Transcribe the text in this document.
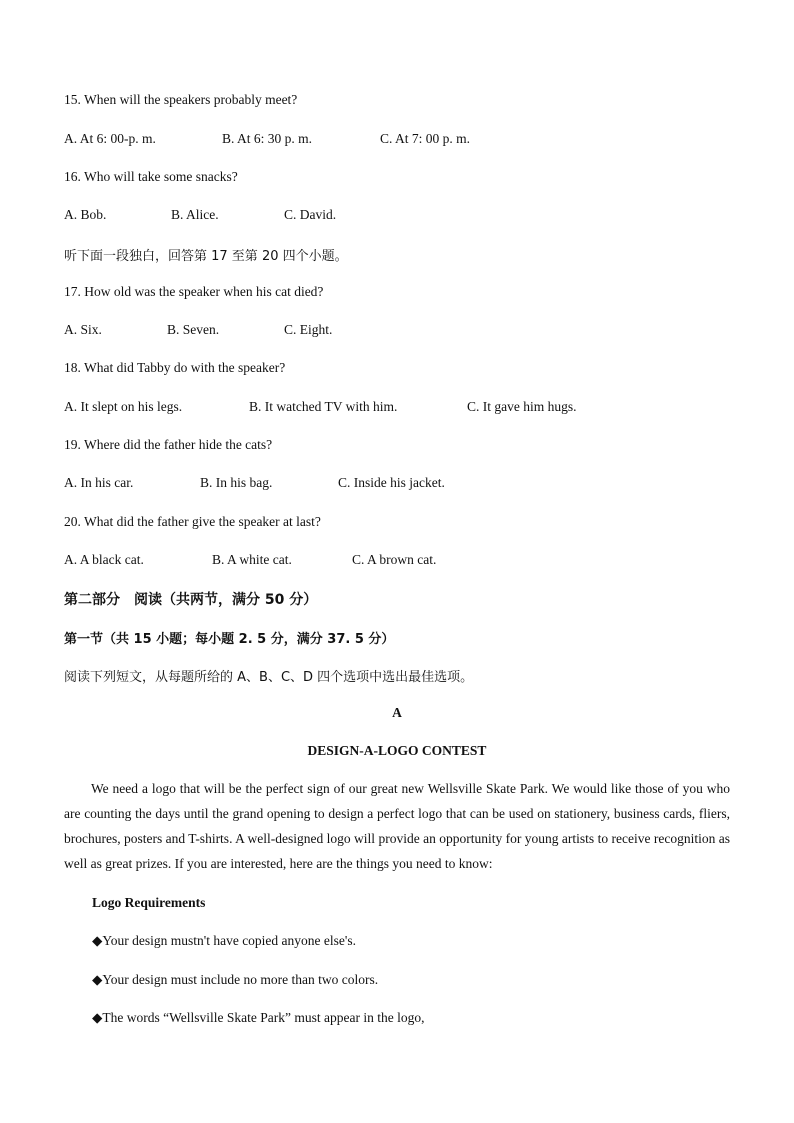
15. When will the speakers probably meet?
A. At 6: 00-p. m.	B. At 6: 30 p. m.	C. At 7: 00 p. m.
16. Who will take some snacks?
A. Bob.	B. Alice.	C. David.
听下面一段独白，回答第 17 至第 20 四个小题。
17. How old was the speaker when his cat died?
A. Six.	B. Seven.	C. Eight.
18. What did Tabby do with the speaker?
A. It slept on his legs.	B. It watched TV with him.	C. It gave him hugs.
19. Where did the father hide the cats?
A. In his car.	B. In his bag.	C. Inside his jacket.
20. What did the father give the speaker at last?
A. A black cat.	B. A white cat.	C. A brown cat.
第二部分　阅读（共两节，满分 50 分）
第一节（共 15 小题；每小题 2. 5 分，满分 37. 5 分）
阅读下列短文，从每题所给的 A、B、C、D 四个选项中选出最佳选项。
A
DESIGN-A-LOGO CONTEST
We need a logo that will be the perfect sign of our great new Wellsville Skate Park. We would like those of you who are counting the days until the grand opening to design a perfect logo that can be used on stationery, business cards, fliers, brochures, posters and T-shirts. A well-designed logo will provide an opportunity for young artists to receive recognition as well as great prizes. If you are interested, here are the things you need to know:
Logo Requirements
◆Your design mustn't have copied anyone else's.
◆Your design must include no more than two colors.
◆The words “Wellsville Skate Park” must appear in the logo,
